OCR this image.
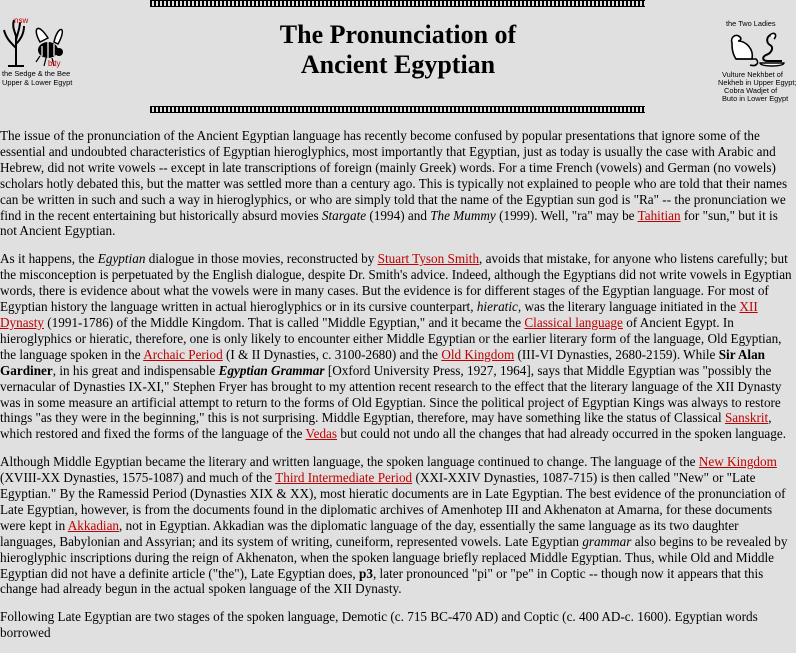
nsw
bity
the Sedge & the Bee
Upper & Lower Egypt
The Pronunciation of
Ancient Egyptian
the Two Ladies
Vulture Nekhbet of
Nekheb in Upper Egypt;
Cobra Wadjet of
Buto in Lower Egypt

The issue of the pronunciation of the Ancient Egyptian language has recently become confused by popular presentations that ignore some of the essential and undoubted characteristics of Egyptian hieroglyphics, most importantly that Egyptian, just as today is usually the case with Arabic and Hebrew, did not write vowels -- except in late transcriptions of foreign (mainly Greek) words. For a time French (vowels) and German (no vowels) scholars hotly debated this, but the matter was settled more than a century ago. This is typically not explained to people who are told that their names can be written in such and such a way in hieroglyphics, or who are simply told that the name of the Egyptian sun god is "Ra" -- the pronunciation we find in the recent entertaining but historically absurd movies Stargate (1994) and The Mummy (1999). Well, "ra" may be Tahitian for "sun," but it is not Ancient Egyptian.

As it happens, the Egyptian dialogue in those movies, reconstructed by Stuart Tyson Smith, avoids that mistake, for anyone who listens carefully; but the misconception is perpetuated by the English dialogue, despite Dr. Smith's advice. Indeed, although the Egyptians did not write vowels in Egyptian words, there is evidence about what the vowels were in many cases. But the evidence is for different stages of the Egyptian language. For most of Egyptian history the language written in actual hieroglyphics or in its cursive counterpart, hieratic, was the literary language initiated in the XII Dynasty (1991-1786) of the Middle Kingdom. That is called "Middle Egyptian," and it became the Classical language of Ancient Egypt. In hieroglyphics or hieratic, therefore, one is only likely to encounter either Middle Egyptian or the earlier literary form of the language, Old Egyptian, the language spoken in the Archaic Period (I & II Dynasties, c. 3100-2680) and the Old Kingdom (III-VI Dynasties, 2680-2159). While Sir Alan Gardiner, in his great and indispensable Egyptian Grammar [Oxford University Press, 1927, 1964], says that Middle Egyptian was "possibly the vernacular of Dynasties IX-XI," Stephen Fryer has brought to my attention recent research to the effect that the literary language of the XII Dynasty was in some measure an artificial attempt to return to the forms of Old Egyptian. Since the political project of Egyptian Kings was always to restore things "as they were in the beginning," this is not surprising. Middle Egyptian, therefore, may have something like the status of Classical Sanskrit, which restored and fixed the forms of the language of the Vedas but could not undo all the changes that had already occurred in the spoken language.

Although Middle Egyptian became the literary and written language, the spoken language continued to change. The language of the New Kingdom (XVIII-XX Dynasties, 1575-1087) and much of the Third Intermediate Period (XXI-XXIV Dynasties, 1087-715) is then called "New" or "Late Egyptian." By the Ramessid Period (Dynasties XIX & XX), most hieratic documents are in Late Egyptian. The best evidence of the pronunciation of Late Egyptian, however, is from the documents found in the diplomatic archives of Amenhotep III and Akhenaton at Amarna, for these documents were kept in Akkadian, not in Egyptian. Akkadian was the diplomatic language of the day, essentially the same language as its two daughter languages, Babylonian and Assyrian; and its system of writing, cuneiform, represented vowels. Late Egyptian grammar also begins to be revealed by hieroglyphic inscriptions during the reign of Akhenaton, when the spoken language briefly replaced Middle Egyptian. Thus, while Old and Middle Egyptian did not have a definite article ("the"), Late Egyptian does, p3, later pronounced "pi" or "pe" in Coptic -- though now it appears that this change had already begun in the actual spoken language of the XII Dynasty.

Following Late Egyptian are two stages of the spoken language, Demotic (c. 715 BC-470 AD) and Coptic (c. 400 AD-c. 1600). Egyptian words borrowed
